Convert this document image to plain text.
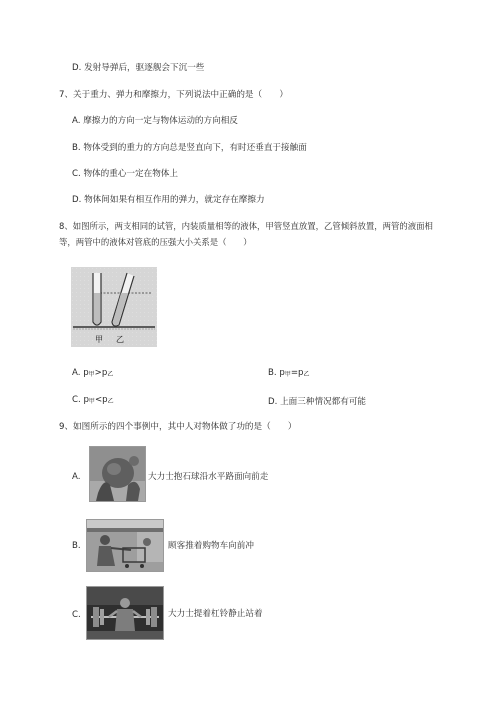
D. 发射导弹后，驱逐舰会下沉一些
7、关于重力、弹力和摩擦力，下列说法中正确的是（　　）
A. 摩擦力的方向一定与物体运动的方向相反
B. 物体受到的重力的方向总是竖直向下，有时还垂直于接触面
C. 物体的重心一定在物体上
D. 物体间如果有相互作用的弹力，就定存在摩擦力
8、如图所示，两支相同的试管，内装质量相等的液体，甲管竖直放置，乙管倾斜放置，两管的液面相
等，两管中的液体对管底的压强大小关系是（　　）
甲 乙
A. p甲>p乙	B. p甲=p乙
C. p甲<p乙	D. 上面三种情况都有可能
9、如图所示的四个事例中，其中人对物体做了功的是（　　）
A.	大力士抱石球沿水平路面向前走
B.	顾客推着购物车向前冲
C.	大力士提着杠铃静止站着
